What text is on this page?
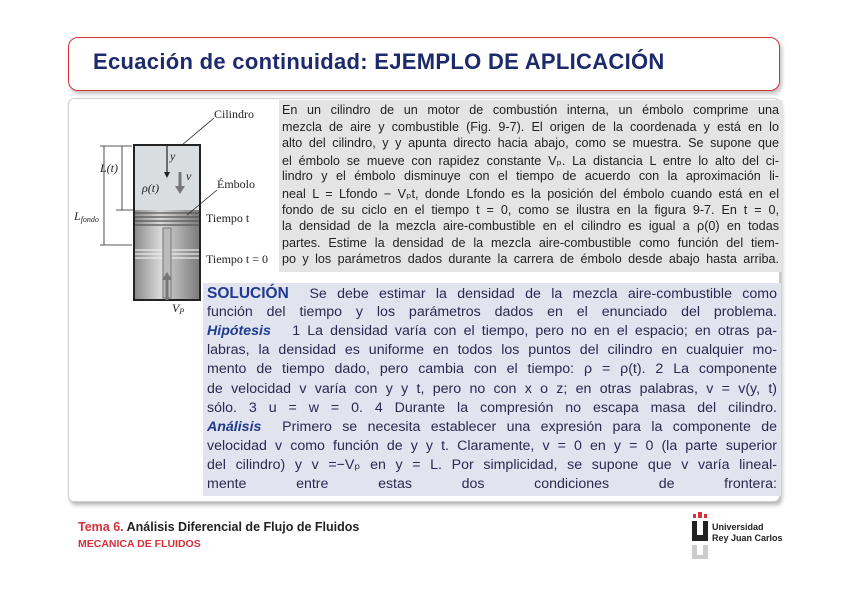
Ecuación de continuidad: EJEMPLO DE APLICACIÓN
Cilindro
Émbolo
Tiempo t
Tiempo t = 0
L(t)
Lfondo
ρ(t)
y
v
VP
En un cilindro de un motor de combustión interna, un émbolo comprime una
mezcla de aire y combustible (Fig. 9-7). El origen de la coordenada y está en lo
alto del cilindro, y y apunta directo hacia abajo, como se muestra. Se supone que
el émbolo se mueve con rapidez constante Vₚ. La distancia L entre lo alto del ci-
lindro y el émbolo disminuye con el tiempo de acuerdo con la aproximación li-
neal L = Lfondo − Vₚt, donde Lfondo es la posición del émbolo cuando está en el
fondo de su ciclo en el tiempo t = 0, como se ilustra en la figura 9-7. En t = 0,
la densidad de la mezcla aire-combustible en el cilindro es igual a ρ(0) en todas
partes. Estime la densidad de la mezcla aire-combustible como función del tiem-
po y los parámetros dados durante la carrera de émbolo desde abajo hasta arriba.
SOLUCIÓN  Se debe estimar la densidad de la mezcla aire-combustible como
función del tiempo y los parámetros dados en el enunciado del problema.
Hipótesis   1 La densidad varía con el tiempo, pero no en el espacio; en otras pa-
labras, la densidad es uniforme en todos los puntos del cilindro en cualquier mo-
mento de tiempo dado, pero cambia con el tiempo: ρ = ρ(t). 2 La componente
de velocidad v varía con y y t, pero no con x o z; en otras palabras, v = v(y, t)
sólo. 3 u = w = 0. 4 Durante la compresión no escapa masa del cilindro.
Análisis  Primero se necesita establecer una expresión para la componente de
velocidad v como función de y y t. Claramente, v = 0 en y = 0 (la parte superior
del cilindro) y v =−Vₚ en y = L. Por simplicidad, se supone que v varía lineal-
mente entre estas dos condiciones de frontera:
Tema 6. Análisis Diferencial de Flujo de Fluidos
MECANICA DE FLUIDOS
Universidad
Rey Juan Carlos
